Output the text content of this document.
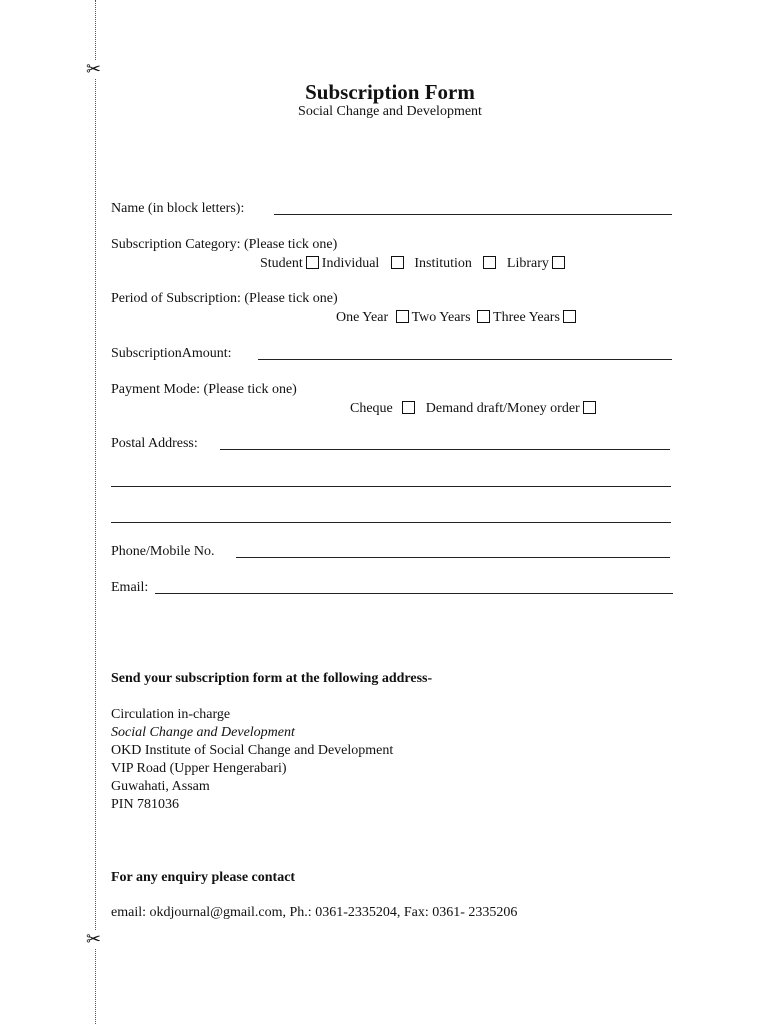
✂
✂
Subscription Form
Social Change and Development
Name (in block letters):
Subscription Category: (Please tick one)
Student Individual	Institution	Library
Period of Subscription: (Please tick one)
One Year Two Years Three Years
SubscriptionAmount:
Payment Mode: (Please tick one)
Cheque Demand draft/Money order
Postal Address:
Phone/Mobile No.
Email:
Send your subscription form at the following address-
Circulation in-charge
Social Change and Development
OKD Institute of Social Change and Development
VIP Road (Upper Hengerabari)
Guwahati, Assam
PIN 781036
For any enquiry please contact
email: okdjournal@gmail.com, Ph.: 0361-2335204, Fax: 0361- 2335206
